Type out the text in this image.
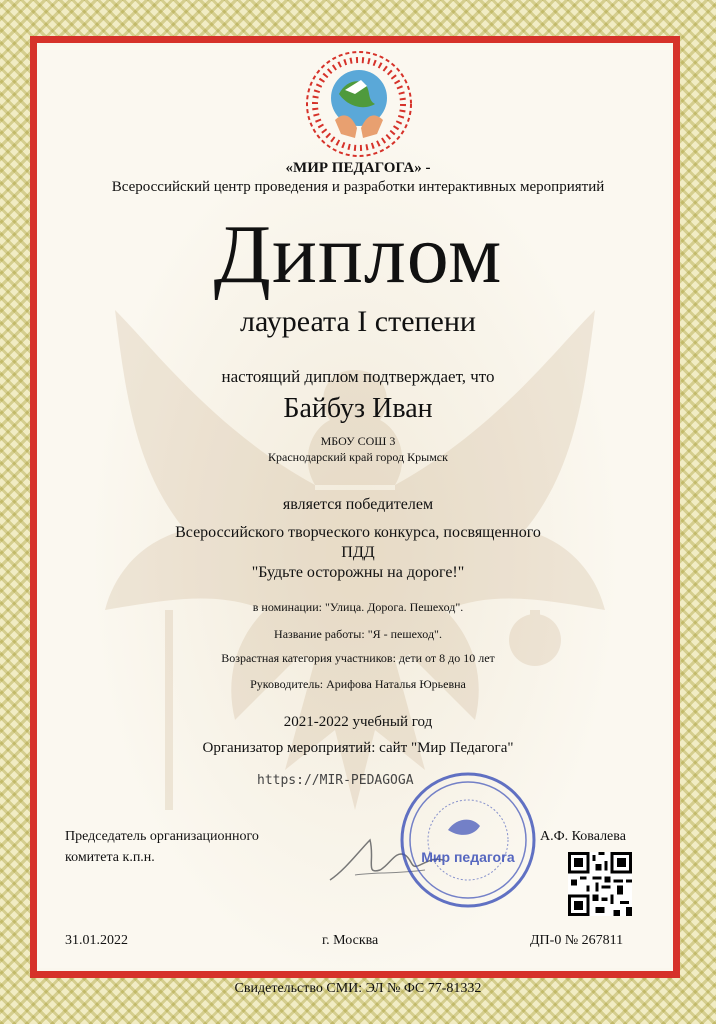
«МИР ПЕДАГОГА» -
Всероссийский центр проведения и разработки интерактивных мероприятий
Диплом
лауреата I степени
настоящий диплом подтверждает, что
Байбуз Иван
МБОУ СОШ 3
Краснодарский край город Крымск
является победителем
Всероссийского творческого конкурса, посвященного
ПДД
"Будьте осторожны на дороге!"
в номинации: "Улица. Дорога. Пешеход".
Название работы: "Я - пешеход".
Возрастная категория участников: дети от 8 до 10 лет
Руководитель: Арифова Наталья Юрьевна
2021-2022 учебный год
Организатор мероприятий: сайт "Мир Педагога"
https://MIR-PEDAGOGA
Председатель организационного
комитета к.п.н.
А.Ф. Ковалева
Мир педагога
31.01.2022	г. Москва	ДП-0 № 267811
Свидетельство СМИ: ЭЛ № ФС 77-81332
